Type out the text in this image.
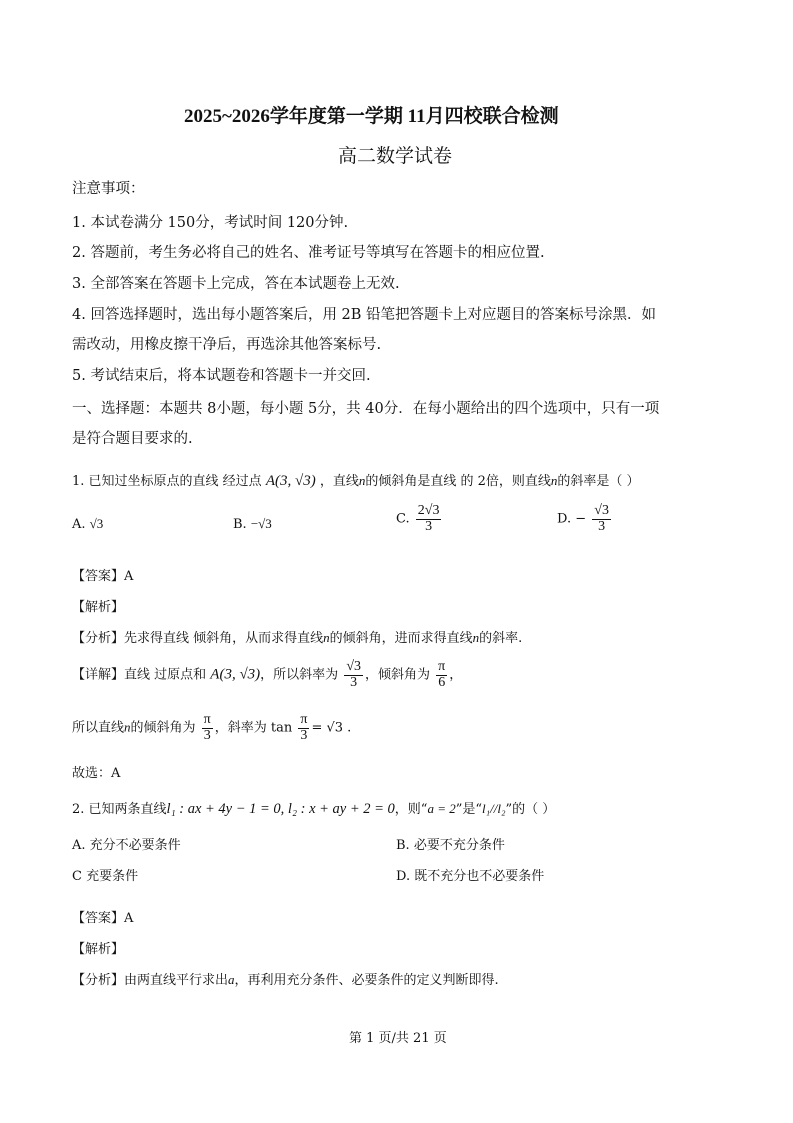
2025~2026学年度第一学期 11月四校联合检测
高二数学试卷
注意事项：
1. 本试卷满分 150分，考试时间 120分钟.
2. 答题前，考生务必将自己的姓名、准考证号等填写在答题卡的相应位置.
3. 全部答案在答题卡上完成，答在本试题卷上无效.
4. 回答选择题时，选出每小题答案后，用 2B 铅笔把答题卡上对应题目的答案标号涂黑．如
需改动，用橡皮擦干净后，再选涂其他答案标号.
5. 考试结束后，将本试题卷和答题卡一并交回.
一、选择题：本题共 8小题，每小题 5分，共 40分．在每小题给出的四个选项中，只有一项
是符合题目要求的.
1. 已知过坐标原点的直线 经过点 A(3, √3) ，直线n的倾斜角是直线 的 2倍，则直线n的斜率是（ ）
A. √3	B. −√3	C. $\frac{2√3}{3}$	D. − $\frac{√3}{3}$
【答案】A
【解析】
【分析】先求得直线 倾斜角，从而求得直线n的倾斜角，进而求得直线n的斜率.
【详解】直线 过原点和 A(3, √3)，所以斜率为 $\frac{√3}{3}$ ，倾斜角为 $\frac{\pi}{6}$ ，
所以直线n的倾斜角为 $\frac{\pi}{3}$ ，斜率为 $\tan \frac{\pi}{3} = √3$ .
故选：A
2. 已知两条直线l₁ : ax + 4y − 1 = 0, l₂ : x + ay + 2 = 0，则“a = 2”是“l₁//l₂”的（ ）
A. 充分不必要条件	B. 必要不充分条件
C 充要条件	D. 既不充分也不必要条件
【答案】A
【解析】
【分析】由两直线平行求出a，再利用充分条件、必要条件的定义判断即得.
第 1 页/共 21 页
